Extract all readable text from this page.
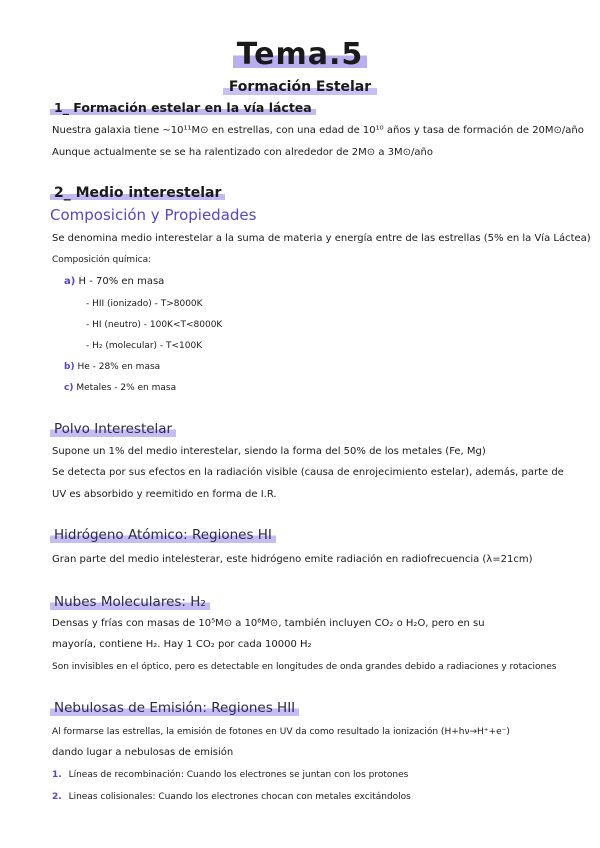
Tema.5
Formación Estelar
1_ Formación estelar en la vía láctea
Nuestra galaxia tiene ~10¹¹M⊙ en estrellas, con una edad de 10¹⁰ años y tasa de formación de 20M⊙/año
Aunque actualmente se se ha ralentizado con alrededor de 2M⊙ a 3M⊙/año
2_ Medio interestelar
Composición y Propiedades
Se denomina medio interestelar a la suma de materia y energía entre de las estrellas (5% en la Vía Láctea)
Composición química:
a) H - 70% en masa
- HII (ionizado) - T>8000K
- HI (neutro) - 100K<T<8000K
- H₂ (molecular) - T<100K
b) He - 28% en masa
c) Metales - 2% en masa
Polvo Interestelar
Supone un 1% del medio interestelar, siendo la forma del 50% de los metales (Fe, Mg)
Se detecta por sus efectos en la radiación visible (causa de enrojecimiento estelar), además, parte de
UV es absorbido y reemitido en forma de I.R.
Hidrógeno Atómico: Regiones HI
Gran parte del medio intelesterar, este hidrógeno emite radiación en radiofrecuencia (λ=21cm)
Nubes Moleculares: H₂
Densas y frías con masas de 10⁵M⊙ a 10⁶M⊙, también incluyen CO₂ o H₂O, pero en su
mayoría, contiene H₂. Hay 1 CO₂ por cada 10000 H₂
Son invisibles en el óptico, pero es detectable en longitudes de onda grandes debido a radiaciones y rotaciones
Nebulosas de Emisión: Regiones HII
Al formarse las estrellas, la emisión de fotones en UV da como resultado la ionización (H+hν→H⁺+e⁻)
dando lugar a nebulosas de emisión
1. Líneas de recombinación: Cuando los electrones se juntan con los protones
2. Lineas colisionales: Cuando los electrones chocan con metales excitándolos
